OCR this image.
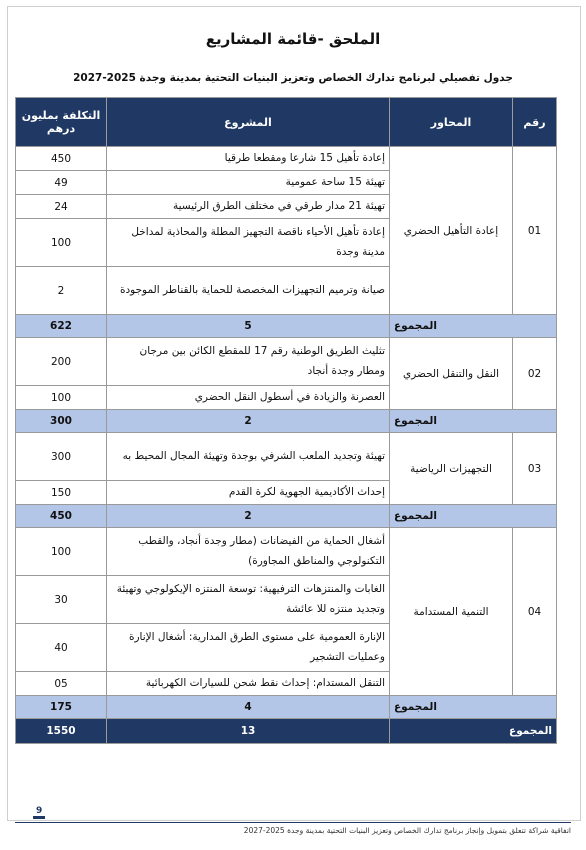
الملحق -قائمة المشاريع
جدول تفصيلي لبرنامج تدارك الخصاص وتعزيز البنيات التحتية بمدينة وجدة 2025-2027
رقم	المحاور	المشروع	التكلفة بمليون درهم
01	إعادة التأهيل الحضري	إعادة تأهيل 15 شارعا ومقطعا طرقيا	450
		تهيئة 15 ساحة عمومية	49
		تهيئة 21 مدار طرقي في مختلف الطرق الرئيسية	24
		إعادة تأهيل الأحياء ناقصة التجهيز المطلة والمحاذية لمداخل مدينة وجدة	100
		صيانة وترميم التجهيزات المخصصة للحماية بالقناطر الموجودة	2
المجموع		5	622
02	النقل والتنقل الحضري	تثليث الطريق الوطنية رقم 17 للمقطع الكائن بين مرجان ومطار وجدة أنجاد	200
		العصرنة والزيادة في أسطول النقل الحضري	100
المجموع		2	300
03	التجهيزات الرياضية	تهيئة وتجديد الملعب الشرفي بوجدة وتهيئة المجال المحيط به	300
		إحداث الأكاديمية الجهوية لكرة القدم	150
المجموع		2	450
04	التنمية المستدامة	أشغال الحماية من الفيضانات (مطار وجدة أنجاد، والقطب التكنولوجي والمناطق المجاورة)	100
		الغابات والمنتزهات الترفيهية: توسعة المنتزه الإيكولوجي وتهيئة وتجديد منتزه للا عائشة	30
		الإنارة العمومية على مستوى الطرق المدارية: أشغال الإنارة وعمليات التشجير	40
		التنقل المستدام: إحداث نقط شحن للسيارات الكهربائية	05
المجموع		4	175
المجموع		13	1550
9
اتفاقية شراكة تتعلق بتمويل وإنجاز برنامج تدارك الخصاص وتعزيز البنيات التحتية بمدينة وجدة 2025-2027
